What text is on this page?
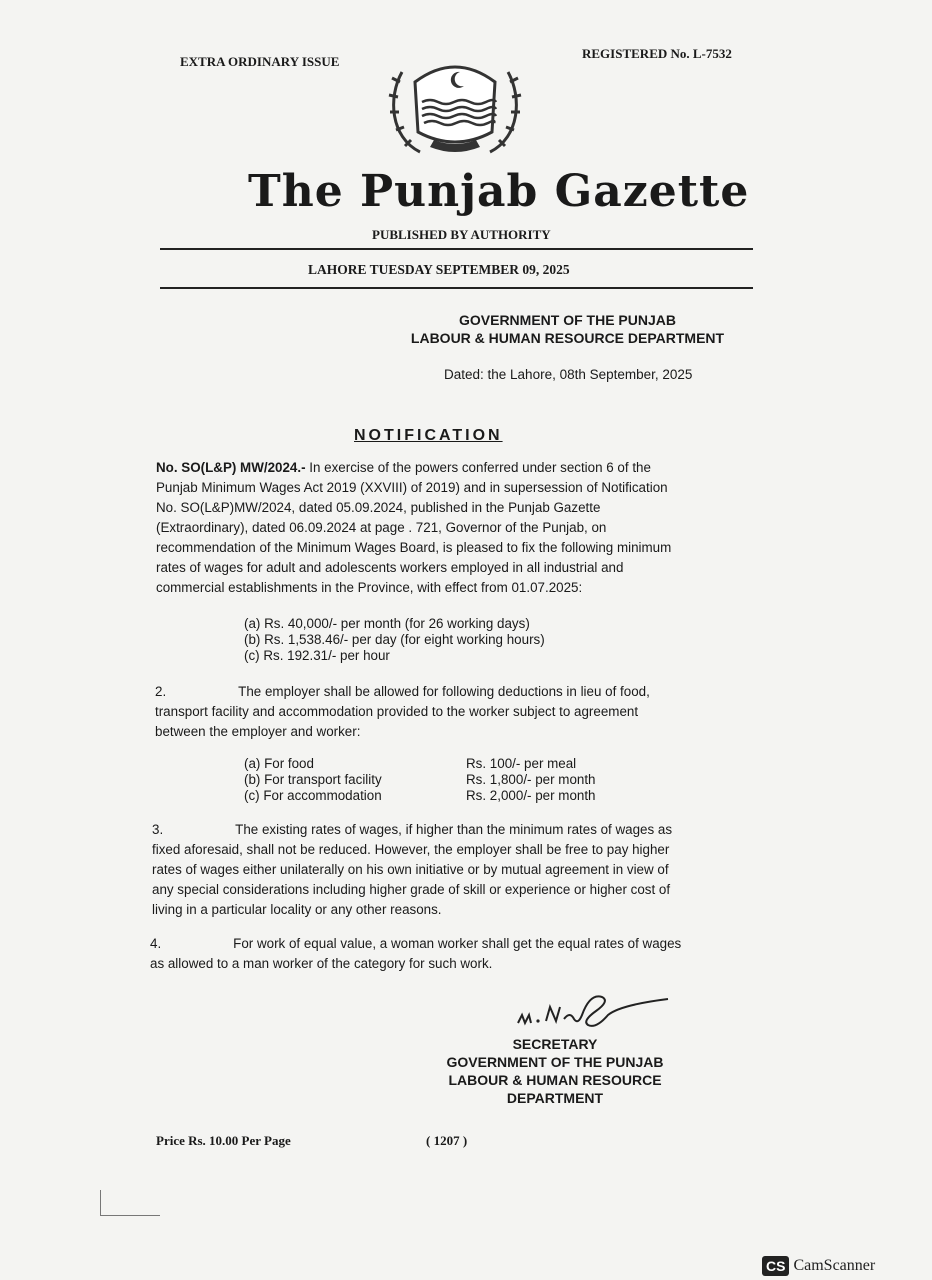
EXTRA ORDINARY ISSUE
REGISTERED No. L-7532
The Punjab Gazette
PUBLISHED BY AUTHORITY
LAHORE TUESDAY SEPTEMBER 09, 2025
GOVERNMENT OF THE PUNJAB
LABOUR & HUMAN RESOURCE DEPARTMENT
Dated: the Lahore, 08th September, 2025
NOTIFICATION
No. SO(L&P) MW/2024.- In exercise of the powers conferred under section 6 of the
Punjab Minimum Wages Act 2019 (XXVIII) of 2019) and in supersession of Notification
No. SO(L&P)MW/2024, dated 05.09.2024, published in the Punjab Gazette
(Extraordinary), dated 06.09.2024 at page . 721, Governor of the Punjab, on
recommendation of the Minimum Wages Board, is pleased to fix the following minimum
rates of wages for adult and adolescents workers employed in all industrial and
commercial establishments in the Province, with effect from 01.07.2025:
(a) Rs. 40,000/- per month (for 26 working days)
(b) Rs. 1,538.46/- per day (for eight working hours)
(c) Rs. 192.31/- per hour
2.	The employer shall be allowed for following deductions in lieu of food,
transport facility and accommodation provided to the worker subject to agreement
between the employer and worker:
(a) For food	Rs. 100/- per meal
(b) For transport facility	Rs. 1,800/- per month
(c) For accommodation	Rs. 2,000/- per month
3.	The existing rates of wages, if higher than the minimum rates of wages as
fixed aforesaid, shall not be reduced. However, the employer shall be free to pay higher
rates of wages either unilaterally on his own initiative or by mutual agreement in view of
any special considerations including higher grade of skill or experience or higher cost of
living in a particular locality or any other reasons.
4.	For work of equal value, a woman worker shall get the equal rates of wages
as allowed to a man worker of the category for such work.
SECRETARY
GOVERNMENT OF THE PUNJAB
LABOUR & HUMAN RESOURCE
DEPARTMENT
Price Rs. 10.00 Per Page	( 1207 )
CS CamScanner
